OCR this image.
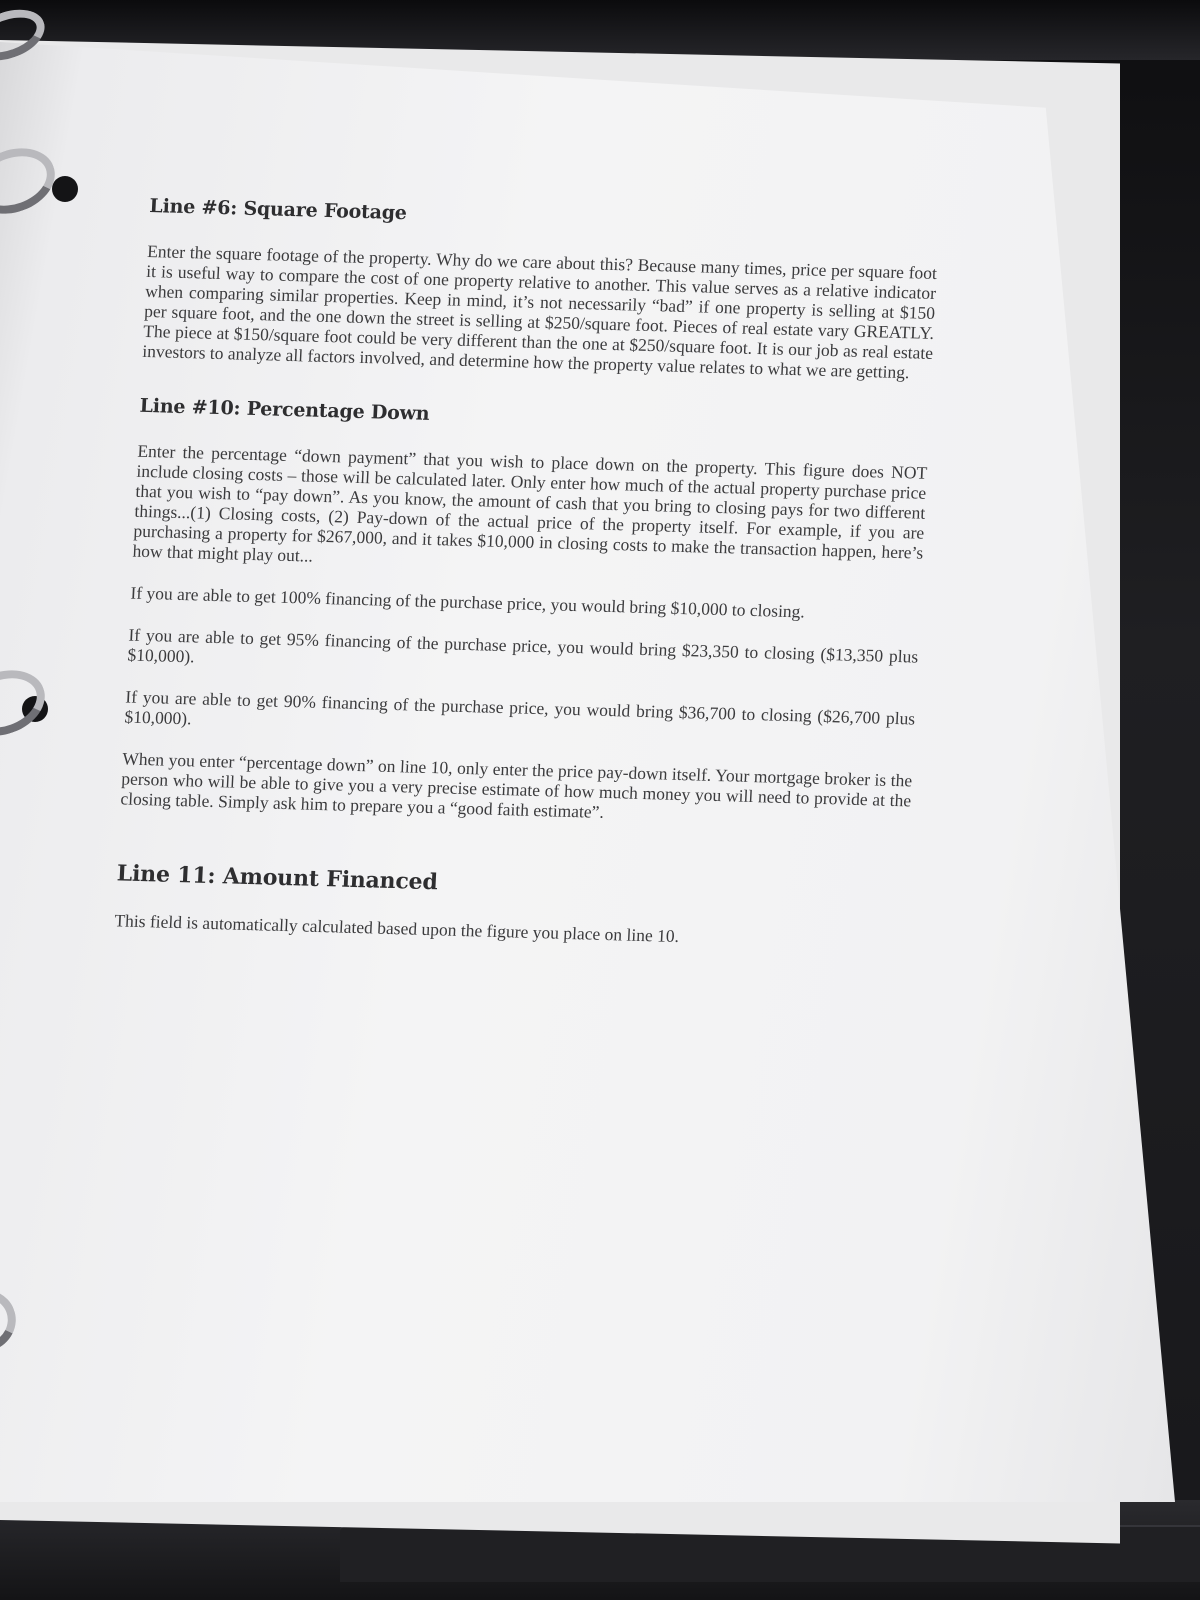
Line #6: Square Footage

Enter the square footage of the property. Why do we care about this? Because many times, price per square foot it is useful way to compare the cost of one property relative to another. This value serves as a relative indicator when comparing similar properties. Keep in mind, it’s not necessarily “bad” if one property is selling at $150 per square foot, and the one down the street is selling at $250/square foot. Pieces of real estate vary GREATLY. The piece at $150/square foot could be very different than the one at $250/square foot. It is our job as real estate investors to analyze all factors involved, and determine how the property value relates to what we are getting.

Line #10: Percentage Down

Enter the percentage “down payment” that you wish to place down on the property. This figure does NOT include closing costs – those will be calculated later. Only enter how much of the actual property purchase price that you wish to “pay down”. As you know, the amount of cash that you bring to closing pays for two different things...(1) Closing costs, (2) Pay-down of the actual price of the property itself. For example, if you are purchasing a property for $267,000, and it takes $10,000 in closing costs to make the transaction happen, here’s how that might play out...

If you are able to get 100% financing of the purchase price, you would bring $10,000 to closing.

If you are able to get 95% financing of the purchase price, you would bring $23,350 to closing ($13,350 plus $10,000).

If you are able to get 90% financing of the purchase price, you would bring $36,700 to closing ($26,700 plus $10,000).

When you enter “percentage down” on line 10, only enter the price pay-down itself. Your mortgage broker is the person who will be able to give you a very precise estimate of how much money you will need to provide at the closing table. Simply ask him to prepare you a “good faith estimate”.

Line 11: Amount Financed

This field is automatically calculated based upon the figure you place on line 10.
